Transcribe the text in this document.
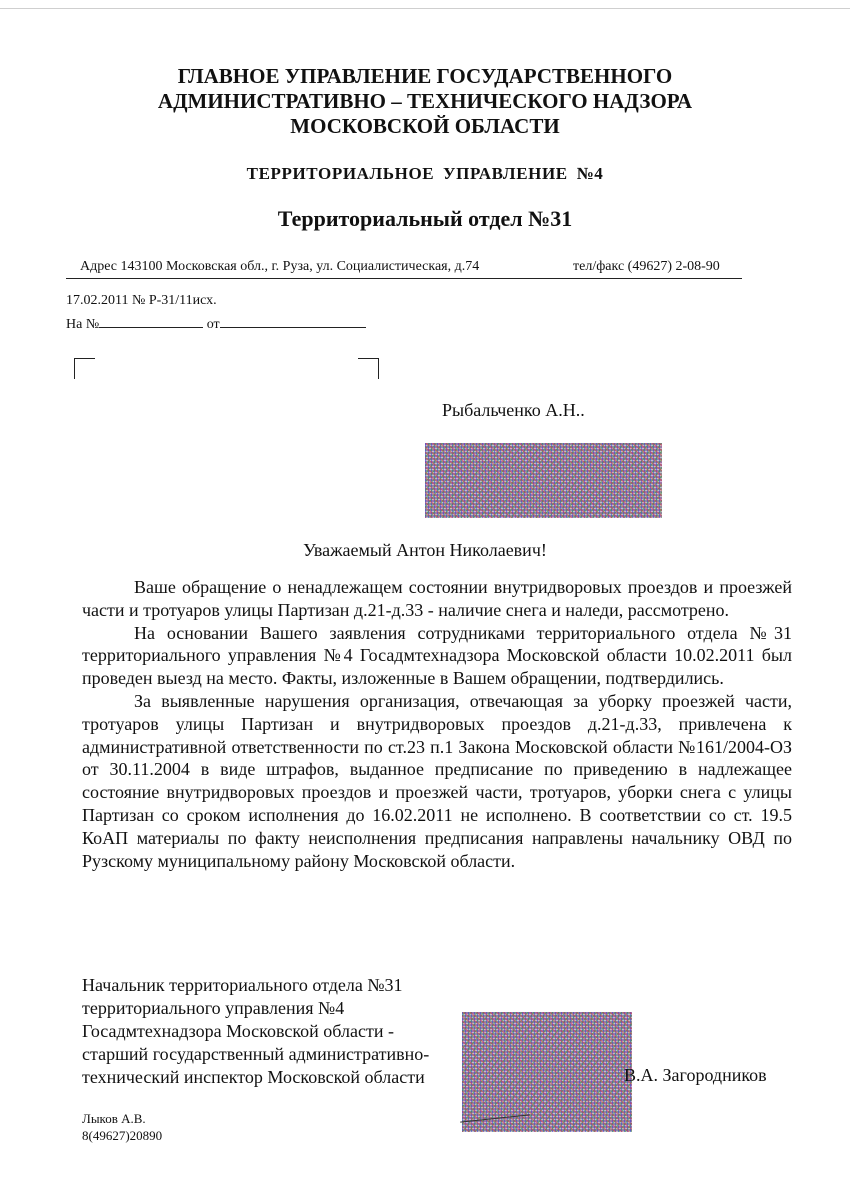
ГЛАВНОЕ УПРАВЛЕНИЕ ГОСУДАРСТВЕННОГО
АДМИНИСТРАТИВНО – ТЕХНИЧЕСКОГО НАДЗОРА
МОСКОВСКОЙ ОБЛАСТИ
ТЕРРИТОРИАЛЬНОЕ УПРАВЛЕНИЕ №4
Территориальный отдел №31
Адрес 143100 Московская обл., г. Руза, ул. Социалистическая, д.74	тел/факс (49627) 2-08-90
17.02.2011 № Р-31/11исх.
На №	от
Рыбальченко А.Н..
Уважаемый Антон Николаевич!

Ваше обращение о ненадлежащем состоянии внутридворовых проездов и проезжей части и тротуаров улицы Партизан д.21-д.33 - наличие снега и наледи, рассмотрено.

На основании Вашего заявления сотрудниками территориального отдела №31 территориального управления №4 Госадмтехнадзора Московской области 10.02.2011 был проведен выезд на место. Факты, изложенные в Вашем обращении, подтвердились.

За выявленные нарушения организация, отвечающая за уборку проезжей части, тротуаров улицы Партизан и внутридворовых проездов д.21-д.33, привлечена к административной ответственности по ст.23 п.1 Закона Московской области №161/2004-ОЗ от 30.11.2004 в виде штрафов, выданное предписание по приведению в надлежащее состояние внутридворовых проездов и проезжей части, тротуаров, уборки снега с улицы Партизан со сроком исполнения до 16.02.2011 не исполнено. В соответствии со ст. 19.5 КоАП материалы по факту неисполнения предписания направлены начальнику ОВД по Рузскому муниципальному району Московской области.

Начальник территориального отдела №31
территориального управления №4
Госадмтехнадзора Московской области -
старший государственный административно-
технический инспектор Московской области	В.А. Загородников
Лыков А.В.
8(49627)20890
